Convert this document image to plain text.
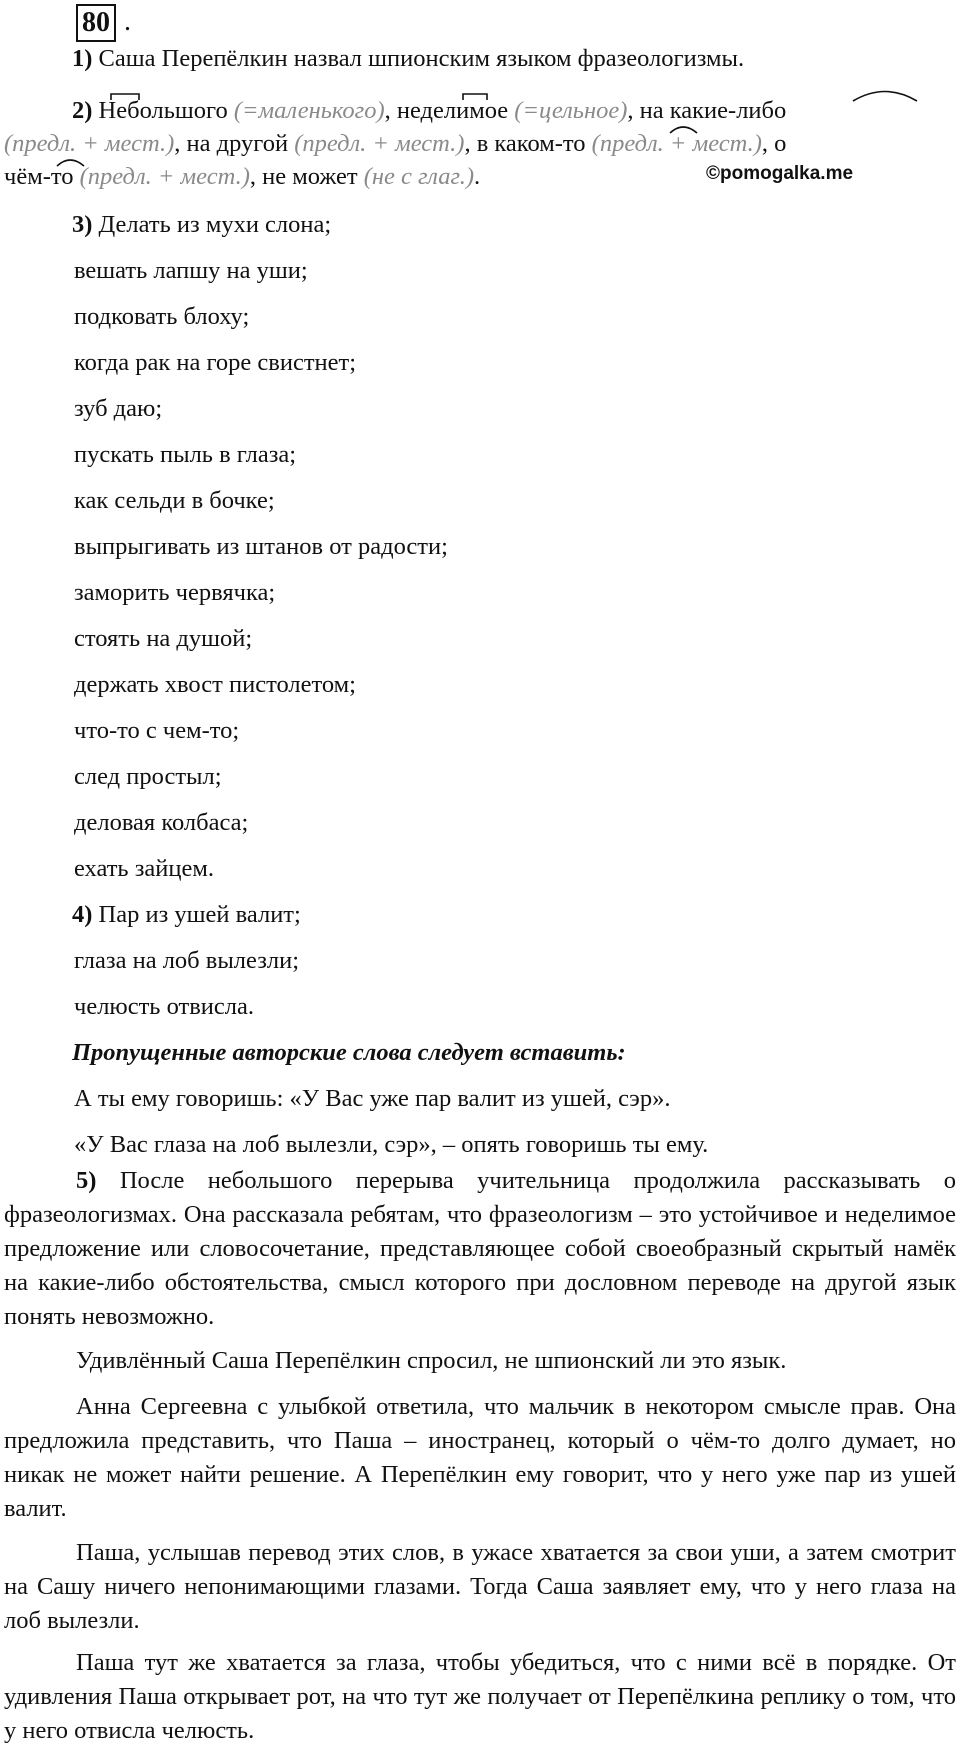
80 .
1) Саша Перепёлкин назвал шпионским языком фразеологизмы.
2) Небольшого (=маленького), неделимое (=цельное), на какие-либо
(предл. + мест.), на другой (предл. + мест.), в каком-то (предл. + мест.), о
чём-то (предл. + мест.), не может (не с глаг.).	©pomogalka.me
3) Делать из мухи слона;
вешать лапшу на уши;
подковать блоху;
когда рак на горе свистнет;
зуб даю;
пускать пыль в глаза;
как сельди в бочке;
выпрыгивать из штанов от радости;
заморить червячка;
стоять на душой;
держать хвост пистолетом;
что-то с чем-то;
след простыл;
деловая колбаса;
ехать зайцем.
4) Пар из ушей валит;
глаза на лоб вылезли;
челюсть отвисла.
Пропущенные авторские слова следует вставить:
А ты ему говоришь: «У Вас уже пар валит из ушей, сэр».
«У Вас глаза на лоб вылезли, сэр», – опять говоришь ты ему.

5) После небольшого перерыва учительница продолжила рассказывать о фразеологизмах. Она рассказала ребятам, что фразеологизм – это устойчивое и неделимое предложение или словосочетание, представляющее собой своеобразный скрытый намёк на какие-либо обстоятельства, смысл которого при дословном переводе на другой язык понять невозможно.

Удивлённый Саша Перепёлкин спросил, не шпионский ли это язык.

Анна Сергеевна с улыбкой ответила, что мальчик в некотором смысле прав. Она предложила представить, что Паша – иностранец, который о чём-то долго думает, но никак не может найти решение. А Перепёлкин ему говорит, что у него уже пар из ушей валит.

Паша, услышав перевод этих слов, в ужасе хватается за свои уши, а затем смотрит на Сашу ничего непонимающими глазами. Тогда Саша заявляет ему, что у него глаза на лоб вылезли.

Паша тут же хватается за глаза, чтобы убедиться, что с ними всё в порядке. От удивления Паша открывает рот, на что тут же получает от Перепёлкина реплику о том, что у него отвисла челюсть.
